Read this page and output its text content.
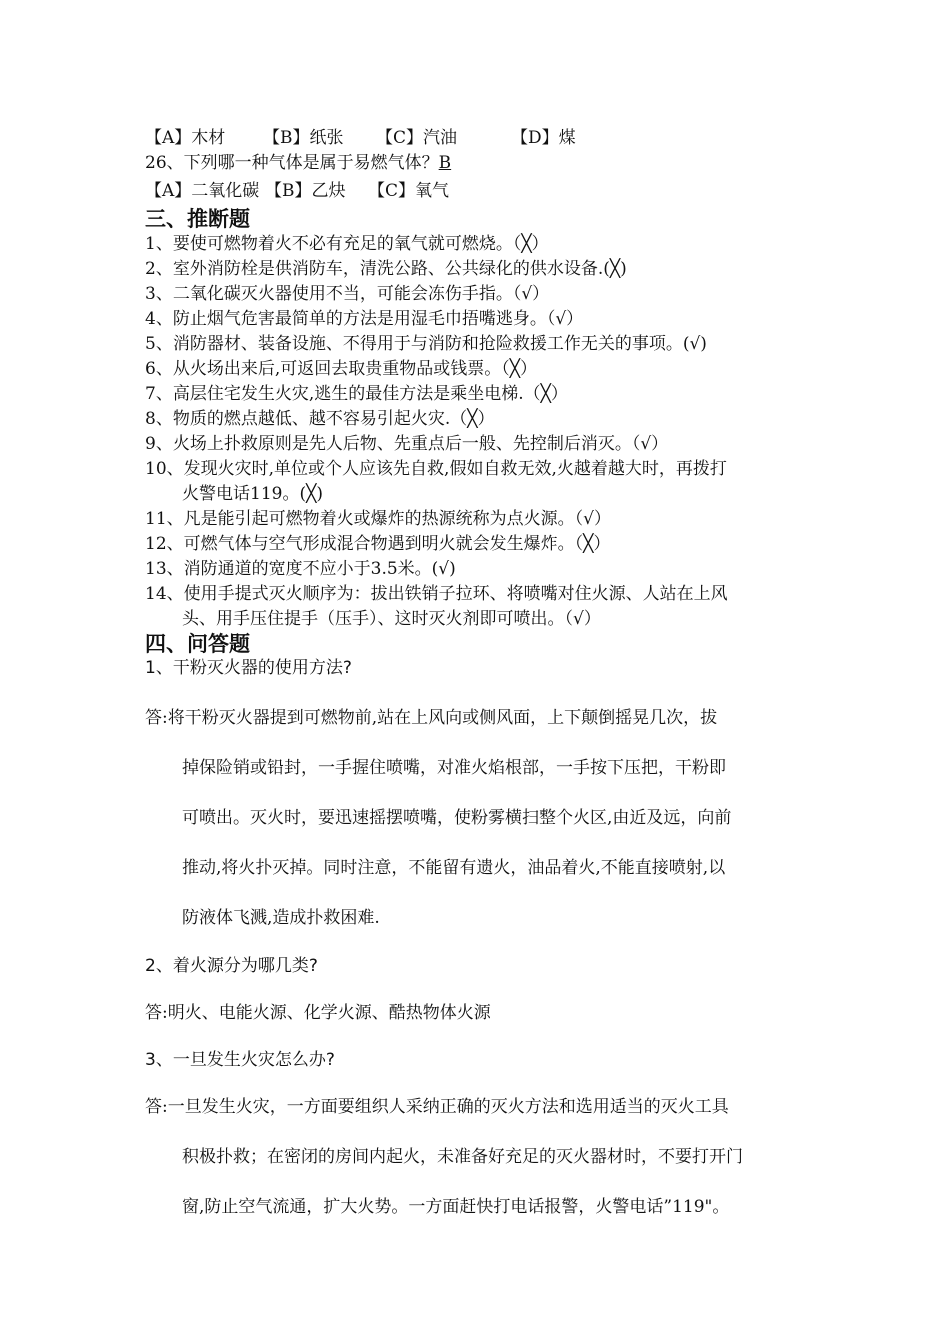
【A】木材 【B】纸张 【C】汽油	【D】煤
26、下列哪一种气体是属于易燃气体？B
【A】二氧化碳 【B】乙炔 【C】氧气
三、推断题
1、要使可燃物着火不必有充足的氧气就可燃烧。（╳）
2、室外消防栓是供消防车，清洗公路、公共绿化的供水设备.(╳)
3、二氧化碳灭火器使用不当，可能会冻伤手指。（√）
4、防止烟气危害最简单的方法是用湿毛巾捂嘴逃身。（√）
5、消防器材、装备设施、不得用于与消防和抢险救援工作无关的事项。(√)
6、从火场出来后,可返回去取贵重物品或钱票。（╳）
7、高层住宅发生火灾,逃生的最佳方法是乘坐电梯.（╳）
8、物质的燃点越低、越不容易引起火灾.（╳）
9、火场上扑救原则是先人后物、先重点后一般、先控制后消灭。（√）
10、发现火灾时,单位或个人应该先自救,假如自救无效,火越着越大时，再拨打
火警电话119。(╳)
11、凡是能引起可燃物着火或爆炸的热源统称为点火源。（√）
12、可燃气体与空气形成混合物遇到明火就会发生爆炸。（╳）
13、消防通道的宽度不应小于3.5米。(√)
14、使用手提式灭火顺序为：拔出铁销子拉环、将喷嘴对住火源、人站在上风
头、用手压住提手（压手）、这时灭火剂即可喷出。（√）
四、问答题
1、干粉灭火器的使用方法?
答:将干粉灭火器提到可燃物前,站在上风向或侧风面，上下颠倒摇晃几次，拔
掉保险销或铅封，一手握住喷嘴，对准火焰根部，一手按下压把，干粉即
可喷出。灭火时，要迅速摇摆喷嘴，使粉雾横扫整个火区,由近及远，向前
推动,将火扑灭掉。同时注意，不能留有遗火，油品着火,不能直接喷射,以
防液体飞溅,造成扑救困难.
2、着火源分为哪几类?
答:明火、电能火源、化学火源、酷热物体火源
3、一旦发生火灾怎么办?
答:一旦发生火灾，一方面要组织人采纳正确的灭火方法和选用适当的灭火工具
积极扑救；在密闭的房间内起火，未准备好充足的灭火器材时，不要打开门
窗,防止空气流通，扩大火势。一方面赶快打电话报警，火警电话”119"。
